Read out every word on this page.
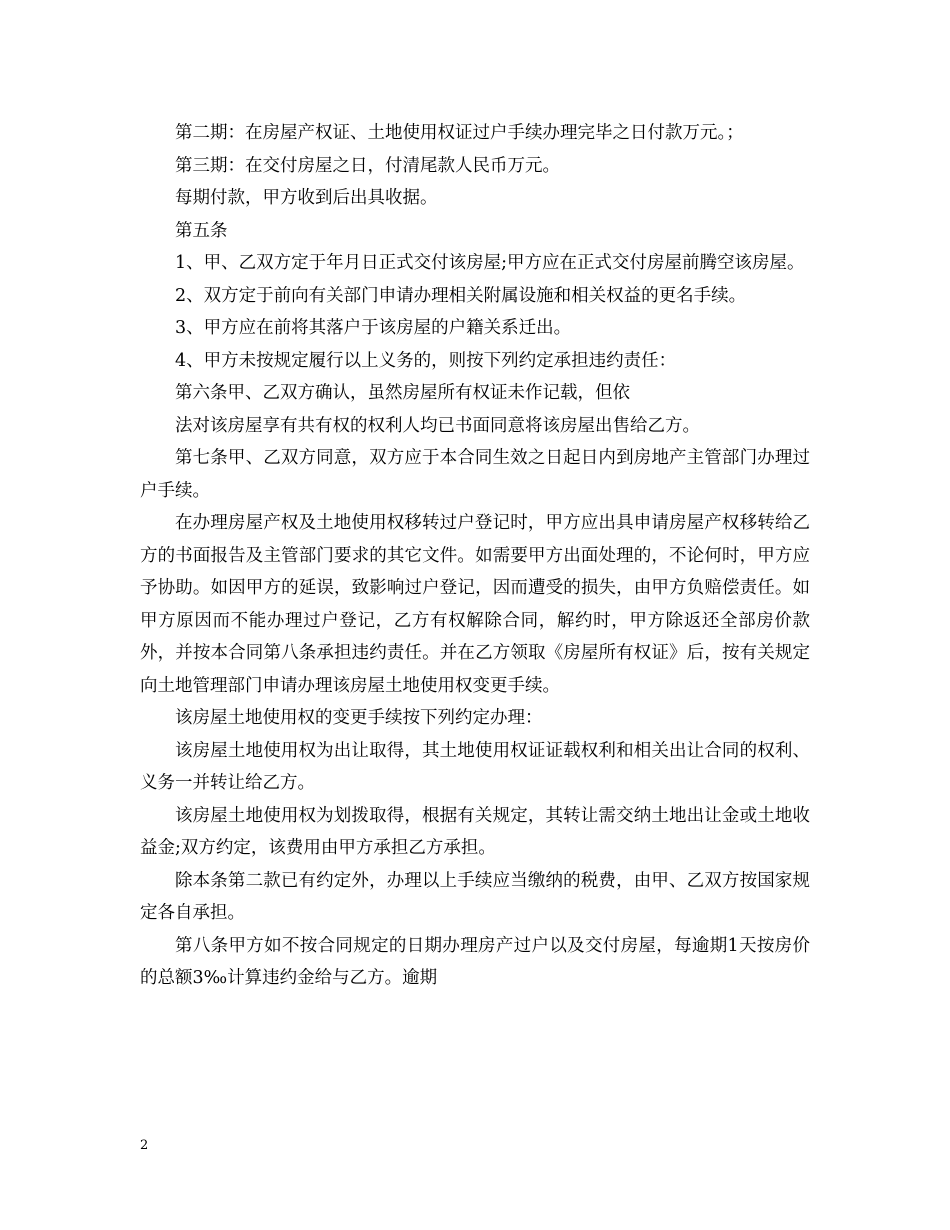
第二期：在房屋产权证、土地使用权证过户手续办理完毕之日付款万元。；

第三期：在交付房屋之日，付清尾款人民币万元。

每期付款，甲方收到后出具收据。

第五条

1、甲、乙双方定于年月日正式交付该房屋;甲方应在正式交付房屋前腾空该房屋。

2、双方定于前向有关部门申请办理相关附属设施和相关权益的更名手续。

3、甲方应在前将其落户于该房屋的户籍关系迁出。

4、甲方未按规定履行以上义务的，则按下列约定承担违约责任：

第六条甲、乙双方确认，虽然房屋所有权证未作记载，但依

法对该房屋享有共有权的权利人均已书面同意将该房屋出售给乙方。

第七条甲、乙双方同意，双方应于本合同生效之日起日内到房地产主管部门办理过户手续。

在办理房屋产权及土地使用权移转过户登记时，甲方应出具申请房屋产权移转给乙方的书面报告及主管部门要求的其它文件。如需要甲方出面处理的，不论何时，甲方应予协助。如因甲方的延误，致影响过户登记，因而遭受的损失，由甲方负赔偿责任。如甲方原因而不能办理过户登记，乙方有权解除合同，解约时，甲方除返还全部房价款外，并按本合同第八条承担违约责任。并在乙方领取《房屋所有权证》后，按有关规定向土地管理部门申请办理该房屋土地使用权变更手续。

该房屋土地使用权的变更手续按下列约定办理：

该房屋土地使用权为出让取得，其土地使用权证证载权利和相关出让合同的权利、义务一并转让给乙方。

该房屋土地使用权为划拨取得，根据有关规定，其转让需交纳土地出让金或土地收益金;双方约定，该费用由甲方承担乙方承担。

除本条第二款已有约定外，办理以上手续应当缴纳的税费，由甲、乙双方按国家规定各自承担。

第八条甲方如不按合同规定的日期办理房产过户以及交付房屋，每逾期1天按房价的总额3‰计算违约金给与乙方。逾期

2
